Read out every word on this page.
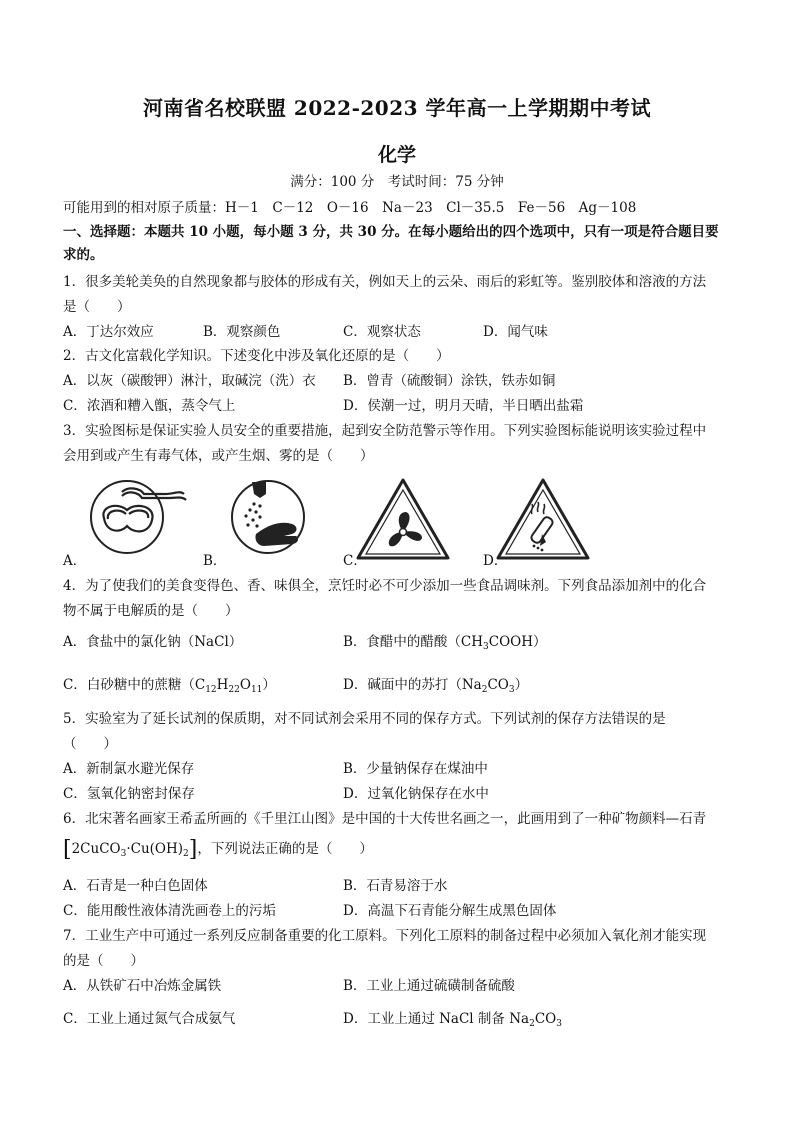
河南省名校联盟 2022-2023 学年高一上学期期中考试
化学
满分：100 分　考试时间：75 分钟
可能用到的相对原子质量：H－1　C－12　O－16　Na－23　Cl－35.5　Fe－56　Ag－108
一、选择题：本题共 10 小题，每小题 3 分，共 30 分。在每小题给出的四个选项中，只有一项是符合题目要
求的。
1．很多美轮美奂的自然现象都与胶体的形成有关，例如天上的云朵、雨后的彩虹等。鉴别胶体和溶液的方法
是（　　）
A．丁达尔效应	B．观察颜色	C．观察状态	D．闻气味
2．古文化富载化学知识。下述变化中涉及氧化还原的是（　　）
A．以灰（碳酸钾）淋汁，取碱浣（洗）衣 B．曾青（硫酸铜）涂铁，铁赤如铜
C．浓酒和糟入甑，蒸令气上	D．侯潮一过，明月天晴，半日晒出盐霜
3．实验图标是保证实验人员安全的重要措施，起到安全防范警示等作用。下列实验图标能说明该实验过程中
会用到或产生有毒气体，或产生烟、雾的是（　　）
A．	B．	C．	D．
4．为了使我们的美食变得色、香、味俱全，烹饪时必不可少添加一些食品调味剂。下列食品添加剂中的化合
物不属于电解质的是（　　）
A．食盐中的氯化钠（NaCl）	B．食醋中的醋酸$(CH_3COOH)$
C．白砂糖中的蔗糖$(C_{12}H_{22}O_{11})$	D．碱面中的苏打$(Na_2CO_3)$
5．实验室为了延长试剂的保质期，对不同试剂会采用不同的保存方式。下列试剂的保存方法错误的是
（　　）
A．新制氯水避光保存	B．少量钠保存在煤油中
C．氢氧化钠密封保存	D．过氧化钠保存在水中
6．北宋著名画家王希孟所画的《千里江山图》是中国的十大传世名画之一，此画用到了一种矿物颜料—石青
$[2CuCO_3\cdot Cu(OH)_2]$，下列说法正确的是（　　）
A．石青是一种白色固体	B．石青易溶于水
C．能用酸性液体清洗画卷上的污垢	D．高温下石青能分解生成黑色固体
7．工业生产中可通过一系列反应制备重要的化工原料。下列化工原料的制备过程中必须加入氧化剂才能实现
的是（　　）
A．从铁矿石中冶炼金属铁	B．工业上通过硫磺制备硫酸
C．工业上通过氮气合成氨气	D．工业上通过 NaCl 制备 $Na_2CO_3$
